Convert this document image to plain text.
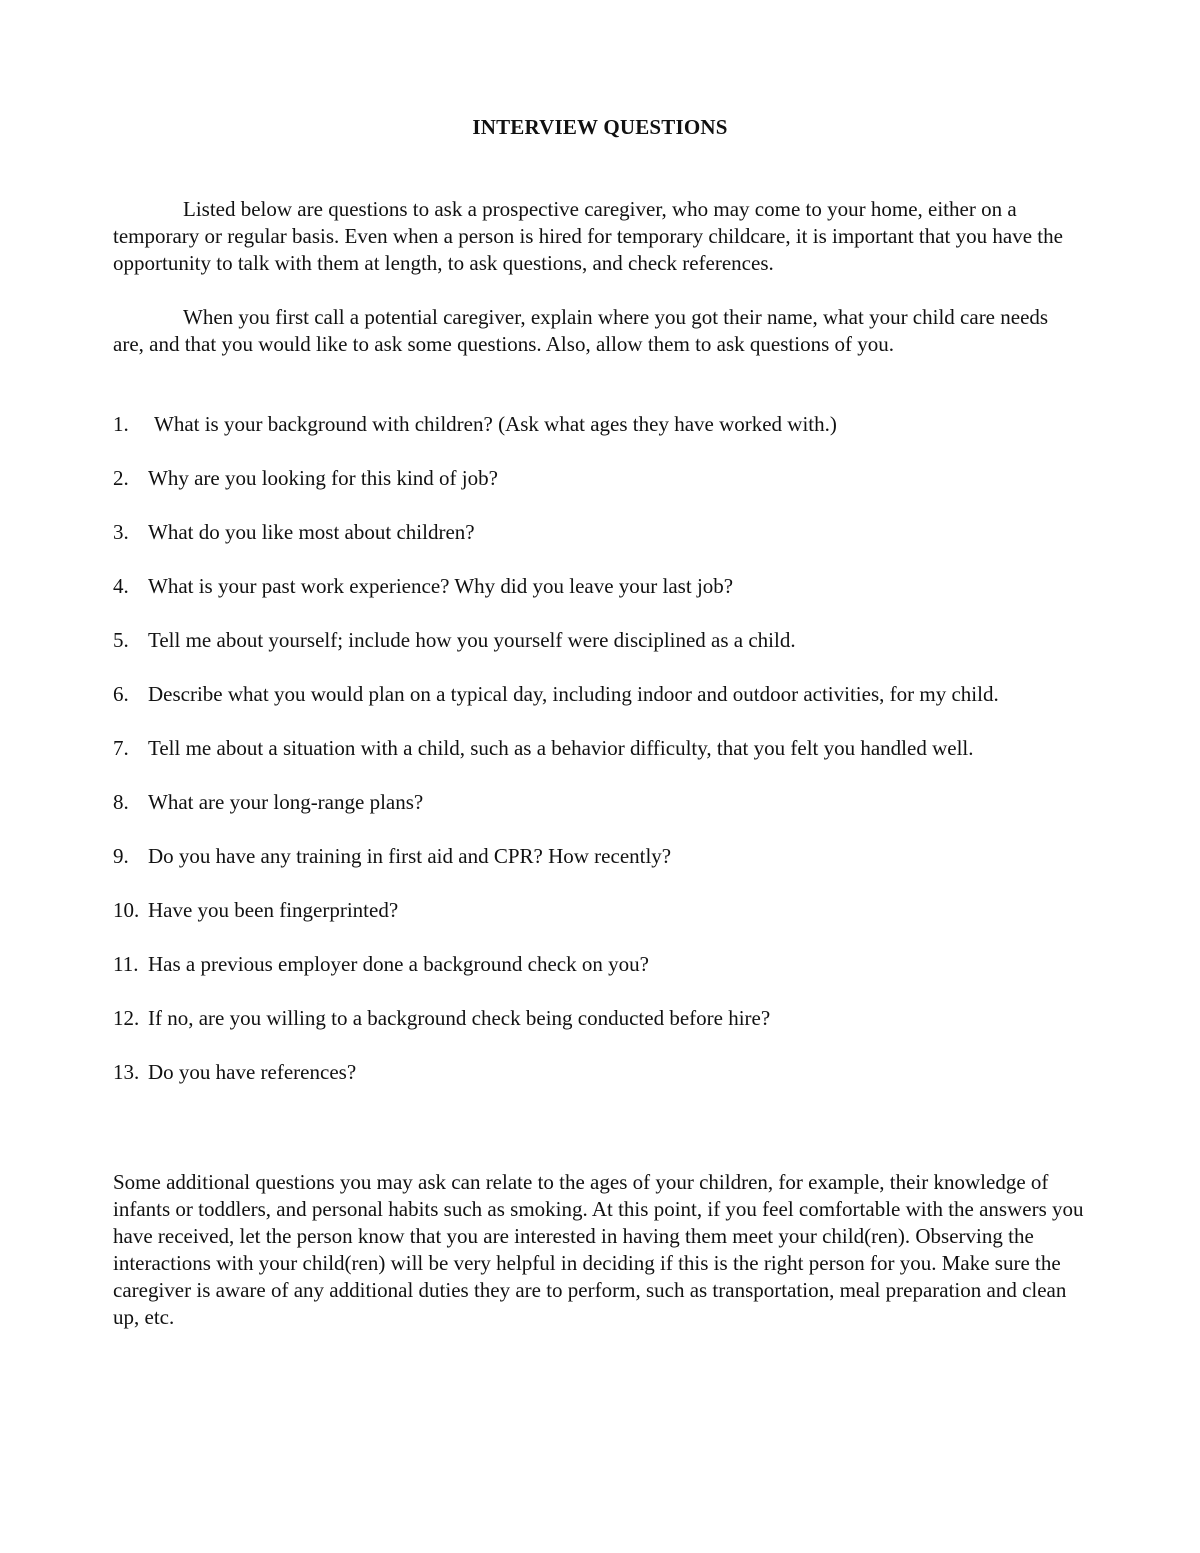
INTERVIEW QUESTIONS

Listed below are questions to ask a prospective caregiver, who may come to your home, either on a temporary or regular basis. Even when a person is hired for temporary childcare, it is important that you have the opportunity to talk with them at length, to ask questions, and check references.

When you first call a potential caregiver, explain where you got their name, what your child care needs are, and that you would like to ask some questions. Also, allow them to ask questions of you.

1.	What is your background with children? (Ask what ages they have worked with.)
2. Why are you looking for this kind of job?
3. What do you like most about children?
4. What is your past work experience? Why did you leave your last job?
5. Tell me about yourself; include how you yourself were disciplined as a child.
6. Describe what you would plan on a typical day, including indoor and outdoor activities, for my child.
7. Tell me about a situation with a child, such as a behavior difficulty, that you felt you handled well.
8. What are your long-range plans?
9. Do you have any training in first aid and CPR? How recently?
10. Have you been fingerprinted?
11. Has a previous employer done a background check on you?
12. If no, are you willing to a background check being conducted before hire?
13. Do you have references?

Some additional questions you may ask can relate to the ages of your children, for example, their knowledge of infants or toddlers, and personal habits such as smoking. At this point, if you feel comfortable with the answers you have received, let the person know that you are interested in having them meet your child(ren). Observing the interactions with your child(ren) will be very helpful in deciding if this is the right person for you. Make sure the caregiver is aware of any additional duties they are to perform, such as transportation, meal preparation and clean up, etc.
